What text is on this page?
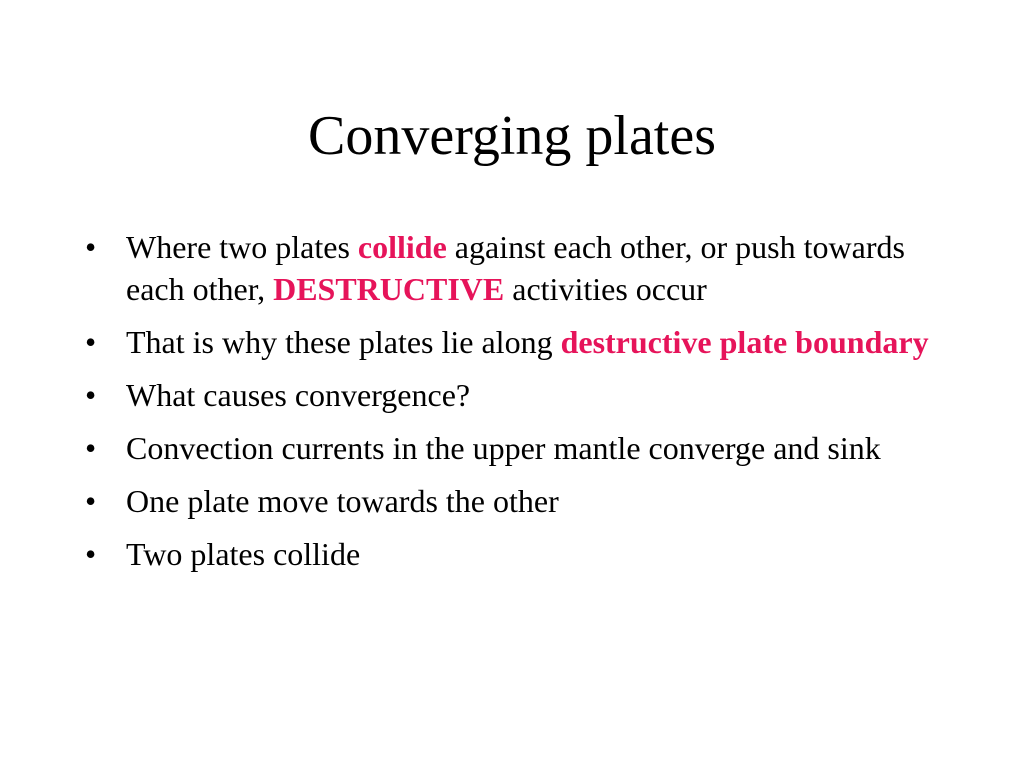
Converging plates
• Where two plates collide against each other, or push towards each other, DESTRUCTIVE activities occur
• That is why these plates lie along destructive plate boundary
• What causes convergence?
• Convection currents in the upper mantle converge and sink
• One plate move towards the other
• Two plates collide
